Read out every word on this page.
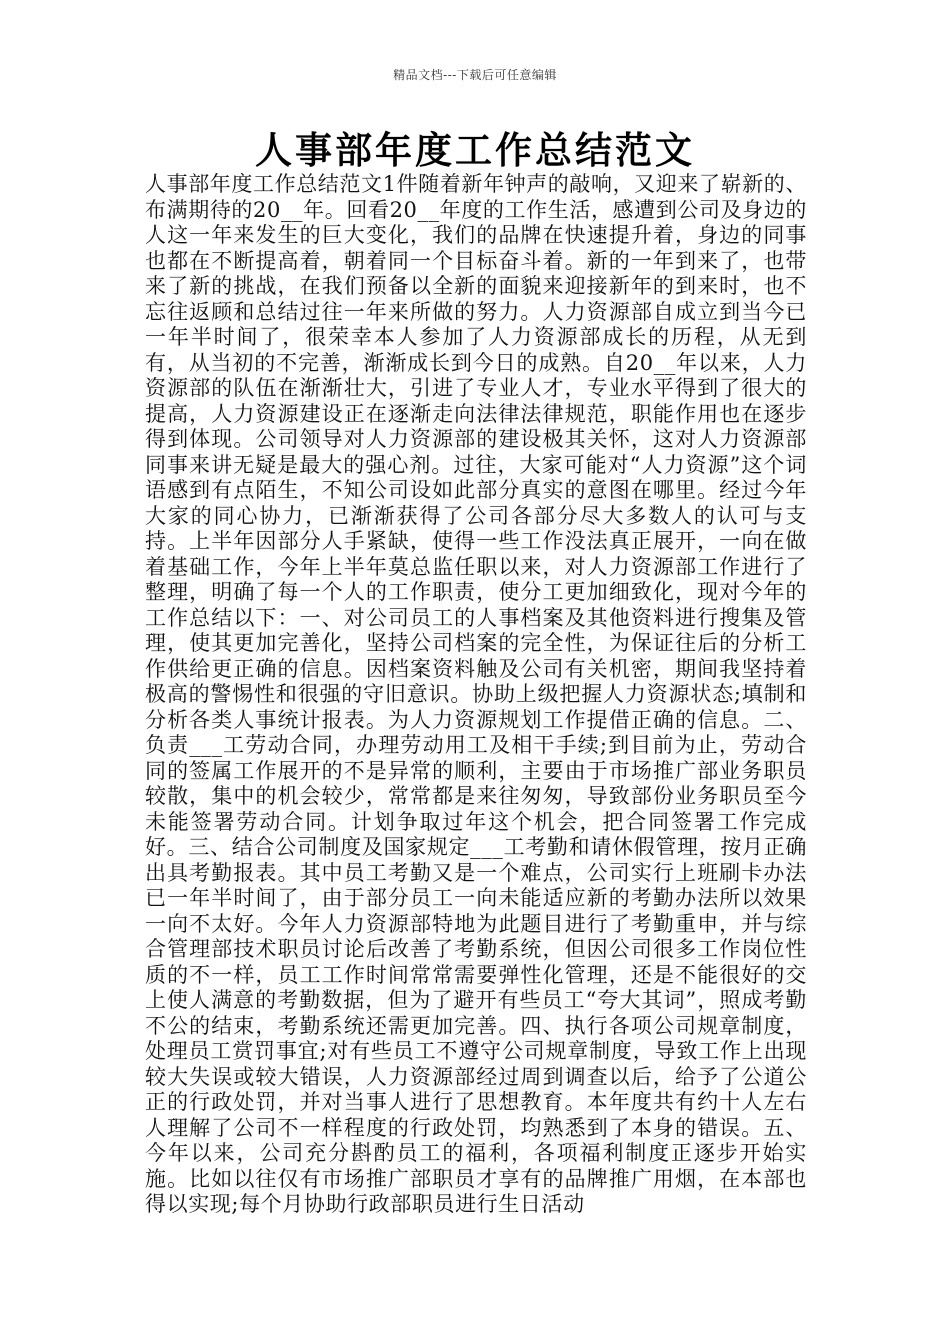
精品文档---下载后可任意编辑
人事部年度工作总结范文

人事部年度工作总结范文1件随着新年钟声的敲响，又迎来了崭新的、布满期待的20__年。回看20__年度的工作生活，感遭到公司及身边的人这一年来发生的巨大变化，我们的品牌在快速提升着，身边的同事也都在不断提高着，朝着同一个目标奋斗着。新的一年到来了，也带来了新的挑战，在我们预备以全新的面貌来迎接新年的到来时，也不忘往返顾和总结过往一年来所做的努力。人力资源部自成立到当今已一年半时间了，很荣幸本人参加了人力资源部成长的历程，从无到有，从当初的不完善，渐渐成长到今日的成熟。自20__年以来，人力资源部的队伍在渐渐壮大，引进了专业人才，专业水平得到了很大的提高，人力资源建设正在逐渐走向法律法律规范，职能作用也在逐步得到体现。公司领导对人力资源部的建设极其关怀，这对人力资源部同事来讲无疑是最大的强心剂。过往，大家可能对“人力资源”这个词语感到有点陌生，不知公司设如此部分真实的意图在哪里。经过今年大家的同心协力，已渐渐获得了公司各部分尽大多数人的认可与支持。上半年因部分人手紧缺，使得一些工作没法真正展开，一向在做着基础工作，今年上半年莫总监任职以来，对人力资源部工作进行了整理，明确了每一个人的工作职责，使分工更加细致化，现对今年的工作总结以下：一、对公司员工的人事档案及其他资料进行搜集及管理，使其更加完善化，坚持公司档案的完全性，为保证往后的分析工作供给更正确的信息。因档案资料触及公司有关机密，期间我坚持着极高的警惕性和很强的守旧意识。协助上级把握人力资源状态;填制和分析各类人事统计报表。为人力资源规划工作提借正确的信息。二、负责___工劳动合同，办理劳动用工及相干手续;到目前为止，劳动合同的签属工作展开的不是异常的顺利，主要由于市场推广部业务职员较散，集中的机会较少，常常都是来往匆匆，导致部份业务职员至今未能签署劳动合同。计划争取过年这个机会，把合同签署工作完成好。三、结合公司制度及国家规定___工考勤和请休假管理，按月正确出具考勤报表。其中员工考勤又是一个难点，公司实行上班刷卡办法已一年半时间了，由于部分员工一向未能适应新的考勤办法所以效果一向不太好。今年人力资源部特地为此题目进行了考勤重申，并与综合管理部技术职员讨论后改善了考勤系统，但因公司很多工作岗位性质的不一样，员工工作时间常常需要弹性化管理，还是不能很好的交上使人满意的考勤数据，但为了避开有些员工“夸大其词”，照成考勤不公的结束，考勤系统还需更加完善。四、执行各项公司规章制度，处理员工赏罚事宜;对有些员工不遵守公司规章制度，导致工作上出现较大失误或较大错误，人力资源部经过周到调查以后，给予了公道公正的行政处罚，并对当事人进行了思想教育。本年度共有约十人左右人理解了公司不一样程度的行政处罚，均熟悉到了本身的错误。五、今年以来，公司充分斟酌员工的福利，各项福利制度正逐步开始实施。比如以往仅有市场推广部职员才享有的品牌推广用烟，在本部也得以实现;每个月协助行政部职员进行生日活动
